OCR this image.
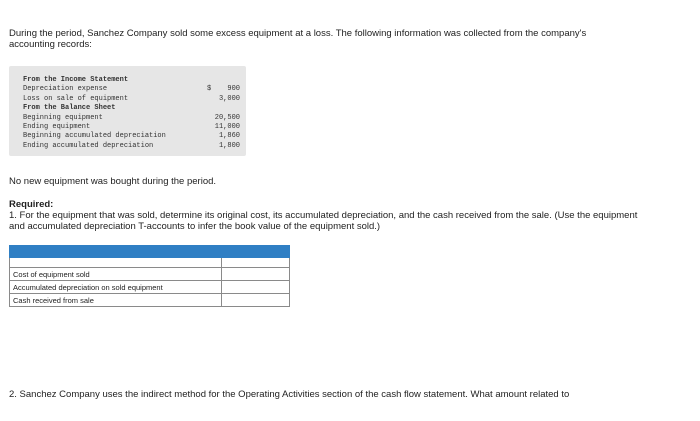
During the period, Sanchez Company sold some excess equipment at a loss. The following information was collected from the company's accounting records:
From the Income Statement
Depreciation expense	$ 900
Loss on sale of equipment	3,000
From the Balance Sheet
Beginning equipment	20,500
Ending equipment	11,000
Beginning accumulated depreciation	1,860
Ending accumulated depreciation	1,800
No new equipment was bought during the period.
Required:
1. For the equipment that was sold, determine its original cost, its accumulated depreciation, and the cash received from the sale. (Use the equipment and accumulated depreciation T-accounts to infer the book value of the equipment sold.)

Cost of equipment sold	
Accumulated depreciation on sold equipment	
Cash received from sale	
2. Sanchez Company uses the indirect method for the Operating Activities section of the cash flow statement. What amount related to
